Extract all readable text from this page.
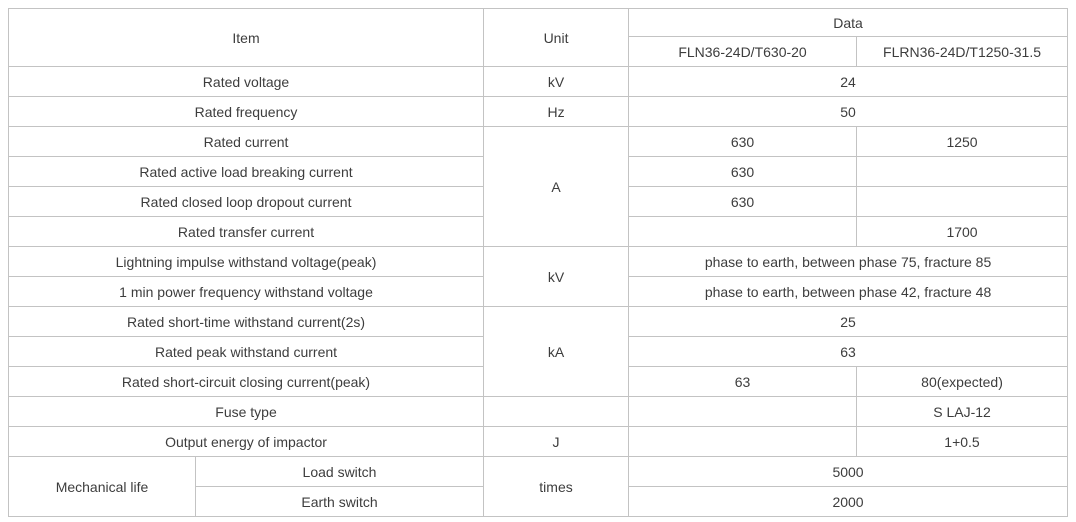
Item		Unit	Data	
			FLN36-24D/T630-20	FLRN36-24D/T1250-31.5
Rated voltage		kV	24	
Rated frequency		Hz	50	
Rated current		A	630	1250
Rated active load breaking current			630	
Rated closed loop dropout current			630	
Rated transfer current				1700
Lightning impulse withstand voltage(peak)		kV	phase to earth, between phase 75, fracture 85	
1 min power frequency withstand voltage			phase to earth, between phase 42, fracture 48	
Rated short-time withstand current(2s)		kA	25	
Rated peak withstand current			63	
Rated short-circuit closing current(peak)			63	80(expected)
Fuse type				S LAJ-12
Output energy of impactor		J		1+0.5
Mechanical life	Load switch	times	5000	
	Earth switch		2000	
